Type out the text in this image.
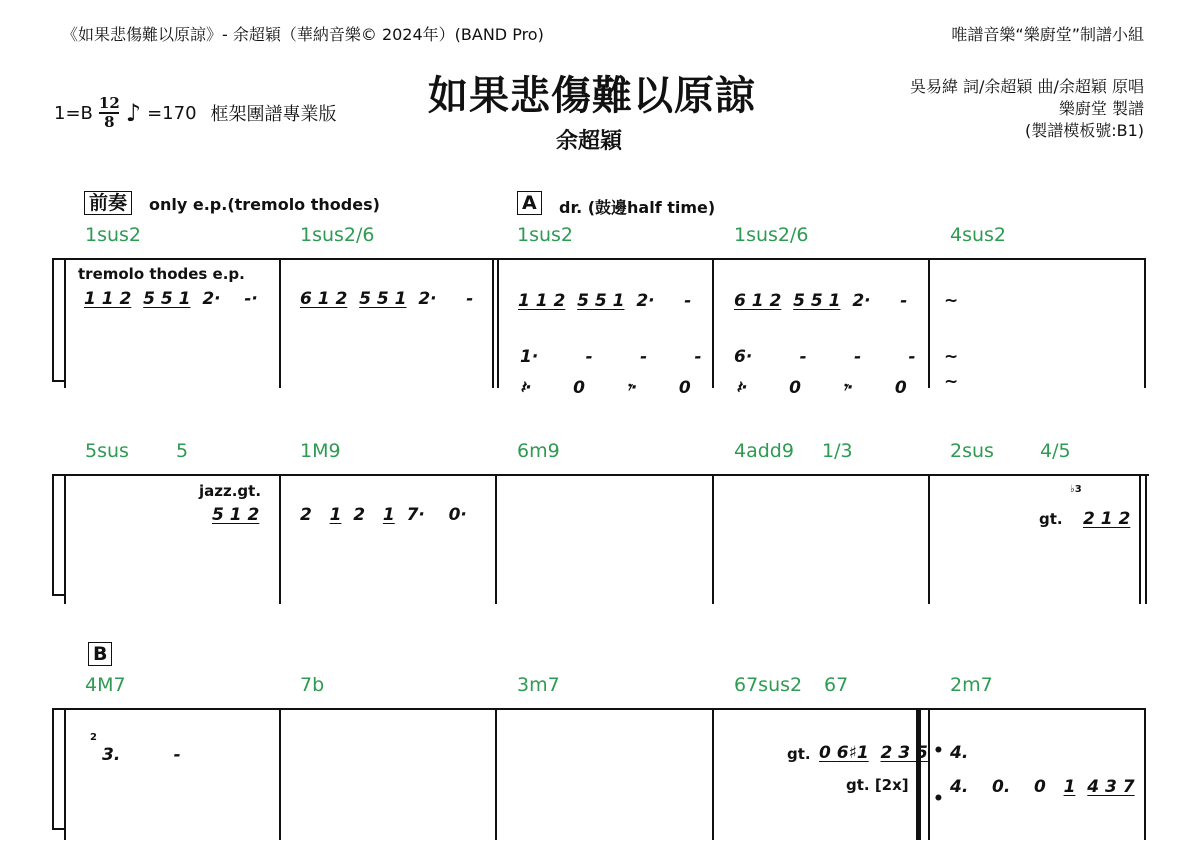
《如果悲傷難以原諒》- 余超穎（華納音樂© 2024年）(BAND Pro)	唯譜音樂“樂廚堂”制譜小組
如果悲傷難以原諒
余超穎
$1=B \frac{12}{8}$ ♪ =170 框架團譜專業版
吳易緯 詞/余超穎 曲/余超穎 原唱
樂廚堂 製譜
(製譜模板號:B1)
前奏	only e.p.(tremolo thodes)	A	dr. (鼓邊half time)
1sus2	1sus2/6	1sus2	1sus2/6	4sus2
tremolo thodes e.p.
1 1 2 5 5 1 2· -· 6 1 2 5 5 1 2· -	1 1 2 5 5 1 2· -
1·	-	-	-
𝄽· 0 𝄾· 0
6 1 2 5 5 1 2· -
6·	-	-	-
𝄽· 0 𝄾· 0
~
~
~
5sus 5	1M9	6m9	4add9 1/3	2sus 4/5
jazz.gt.
5 1 2 2 1 2 1 7· 0·	gt.
♭3
2 1 2
B
4M7	7b	3m7	67sus2 67	2m7
2
3.	-	gt. 0 6♯1 2 3 5
gt. [2x]
•
•
4.
4. 0. 0 1 4 3 7
